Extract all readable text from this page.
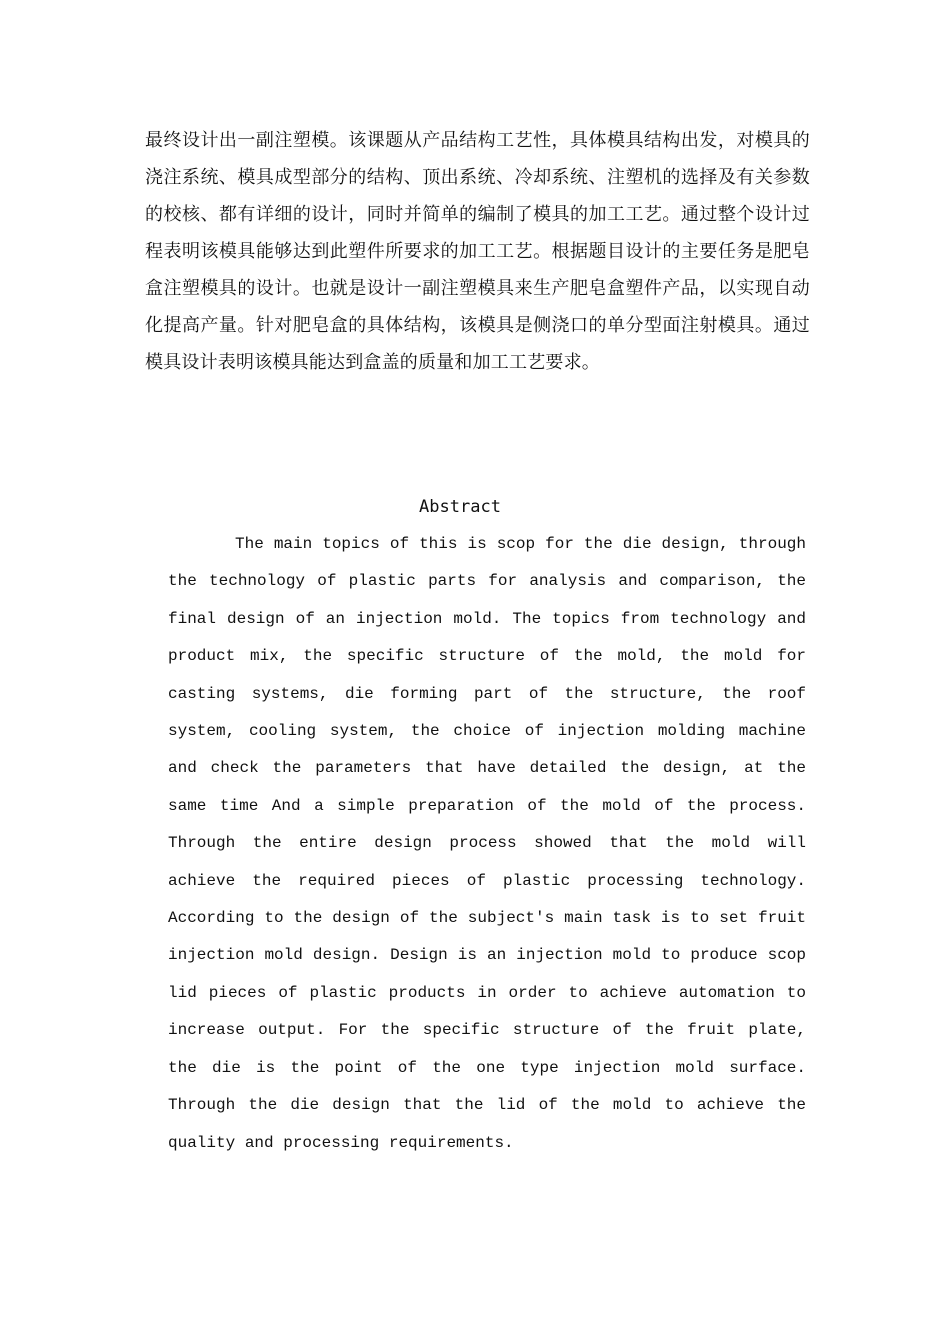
最终设计出一副注塑模。该课题从产品结构工艺性，具体模具结构出发，对模具的浇注系统、模具成型部分的结构、顶出系统、冷却系统、注塑机的选择及有关参数的校核、都有详细的设计，同时并简单的编制了模具的加工工艺。通过整个设计过程表明该模具能够达到此塑件所要求的加工工艺。根据题目设计的主要任务是肥皂盒注塑模具的设计。也就是设计一副注塑模具来生产肥皂盒塑件产品，以实现自动化提高产量。针对肥皂盒的具体结构，该模具是侧浇口的单分型面注射模具。通过模具设计表明该模具能达到盒盖的质量和加工工艺要求。

Abstract

The main topics of this is scop for the die design, through the technology of plastic parts for analysis and comparison, the final design of an injection mold. The topics from technology and product mix, the specific structure of the mold, the mold for casting systems, die forming part of the structure, the roof system, cooling system, the choice of injection molding machine and check the parameters that have detailed the design, at the same time And a simple preparation of the mold of the process. Through the entire design process showed that the mold will achieve the required pieces of plastic processing technology. According to the design of the subject's main task is to set fruit injection mold design. Design is an injection mold to produce scop lid pieces of plastic products in order to achieve automation to increase output. For the specific structure of the fruit plate, the die is the point of the one type injection mold surface. Through the die design that the lid of the mold to achieve the quality and processing requirements.
